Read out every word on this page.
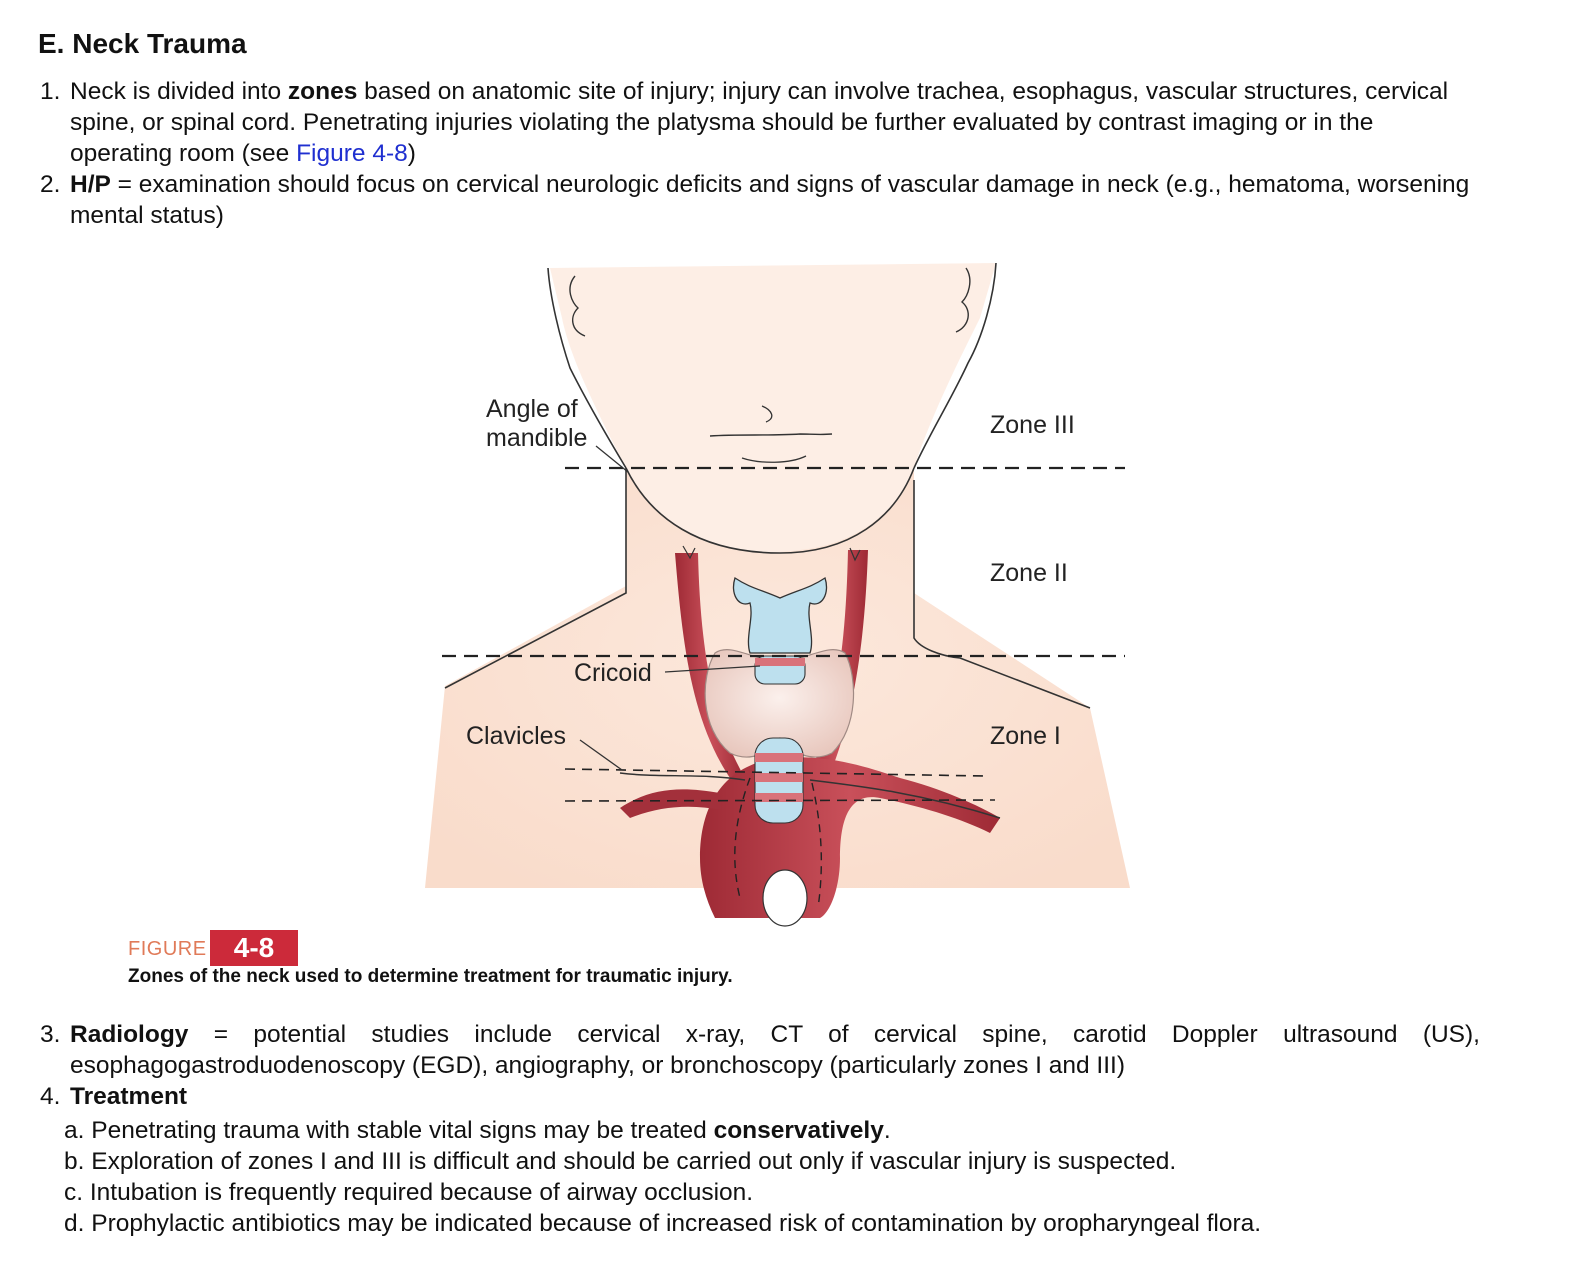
E. Neck Trauma
1. Neck is divided into zones based on anatomic site of injury; injury can involve trachea, esophagus, vascular structures, cervical spine, or spinal cord. Penetrating injuries violating the platysma should be further evaluated by contrast imaging or in the operating room (see Figure 4-8)
2. H/P = examination should focus on cervical neurologic deficits and signs of vascular damage in neck (e.g., hematoma, worsening mental status)
Angle of
mandible
Cricoid
Clavicles
Zone III
Zone II
Zone I
FIGURE 4-8

Zones of the neck used to determine treatment for traumatic injury.

3. Radiology = potential studies include cervical x-ray, CT of cervical spine, carotid Doppler ultrasound (US), esophagogastroduodenoscopy (EGD), angiography, or bronchoscopy (particularly zones I and III)
4. Treatment

a. Penetrating trauma with stable vital signs may be treated conservatively.

b. Exploration of zones I and III is difficult and should be carried out only if vascular injury is suspected.

c. Intubation is frequently required because of airway occlusion.

d. Prophylactic antibiotics may be indicated because of increased risk of contamination by oropharyngeal flora.
